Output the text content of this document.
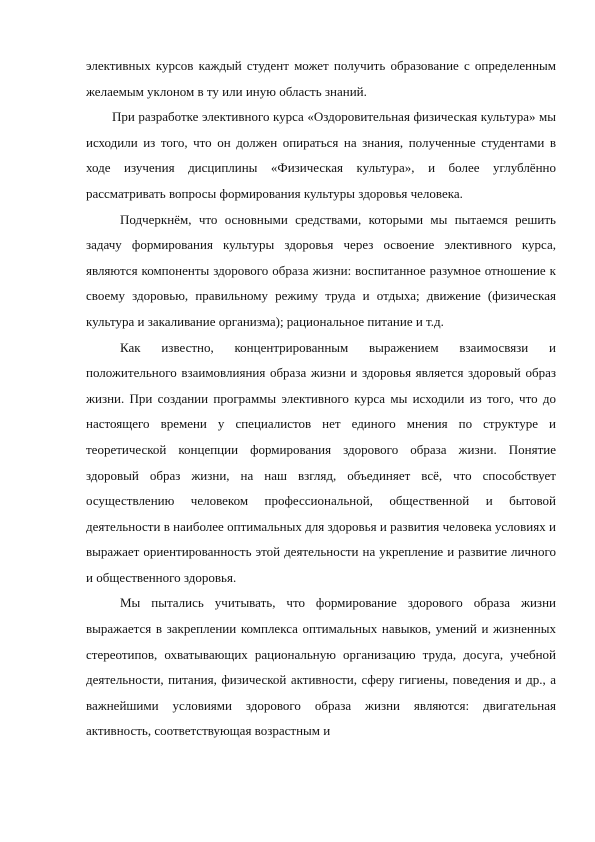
элективных курсов каждый студент может получить образование с определенным желаемым уклоном в ту или иную область знаний.

При разработке элективного курса «Оздоровительная физическая культура» мы исходили из того, что он должен опираться на знания, полученные студентами в ходе изучения дисциплины «Физическая культура», и более углублённо рассматривать вопросы формирования культуры здоровья человека.

Подчеркнём, что основными средствами, которыми мы пытаемся решить задачу формирования культуры здоровья через освоение элективного курса, являются компоненты здорового образа жизни: воспитанное разумное отношение к своему здоровью, правильному режиму труда и отдыха; движение (физическая культура и закаливание организма); рациональное питание и т.д.

Как известно, концентрированным выражением взаимосвязи и положительного взаимовлияния образа жизни и здоровья является здоровый образ жизни. При создании программы элективного курса мы исходили из того, что до настоящего времени у специалистов нет единого мнения по структуре и теоретической концепции формирования здорового образа жизни. Понятие здоровый образ жизни, на наш взгляд, объединяет всё, что способствует осуществлению человеком профессиональной, общественной и бытовой деятельности в наиболее оптимальных для здоровья и развития человека условиях и выражает ориентированность этой деятельности на укрепление и развитие личного и общественного здоровья.

Мы пытались учитывать, что формирование здорового образа жизни выражается в закреплении комплекса оптимальных навыков, умений и жизненных стереотипов, охватывающих рациональную организацию труда, досуга, учебной деятельности, питания, физической активности, сферу гигиены, поведения и др., а важнейшими условиями здорового образа жизни являются: двигательная активность, соответствующая возрастным и
